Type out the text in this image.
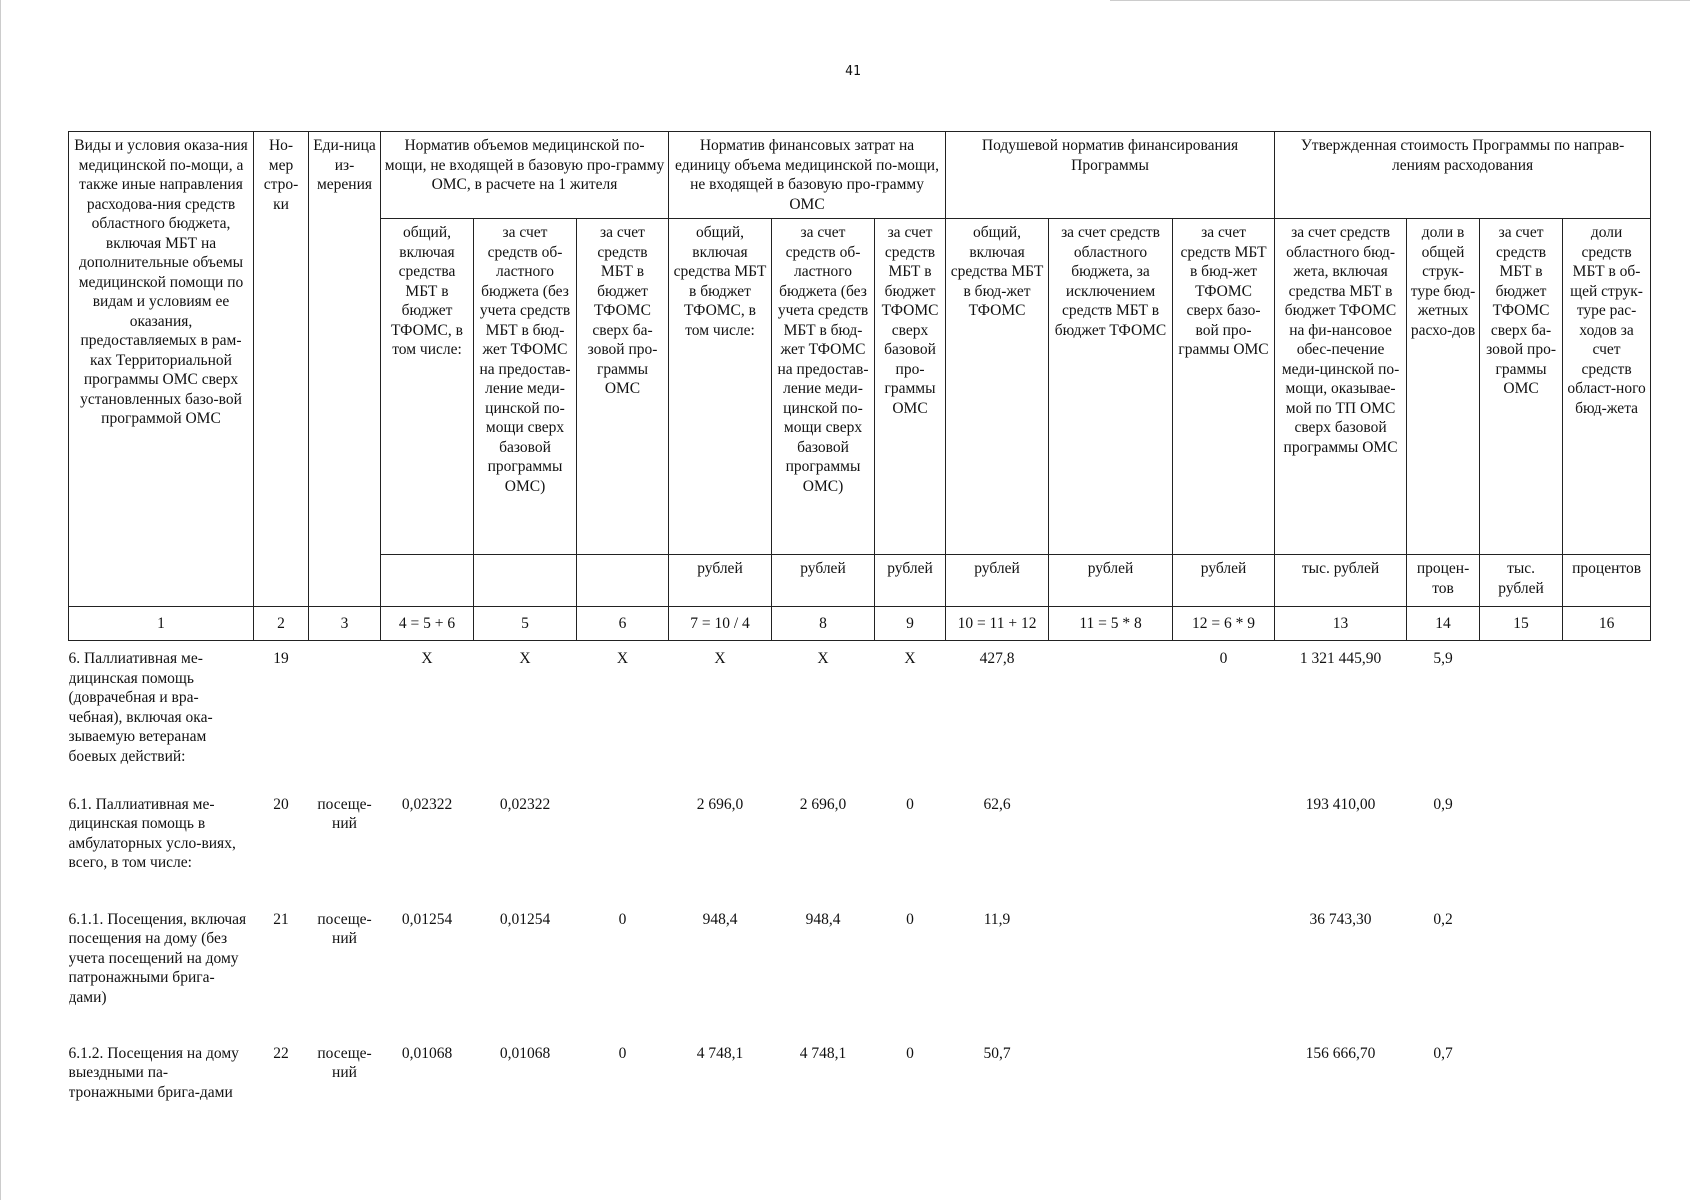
41
Виды и условия оказа-ния медицинской по-мощи, а также иные направления расходова-ния средств областного бюджета, включая МБТ на дополнительные объемы медицинской помощи по видам и условиям ее оказания, предоставляемых в рам-ках Территориальной программы ОМС сверх установленных базо-вой программой ОМС	Но-мер стро-ки	Еди-ница из-мерения	Норматив объемов медицинской по-мощи, не входящей в базовую про-грамму ОМС, в расчете на 1 жителя			Норматив финансовых затрат на единицу объема медицинской по-мощи, не входящей в базовую про-грамму ОМС			Подушевой норматив финансирования Программы			Утвержденная стоимость Программы по направ-лениям расходования			
			общий, включая средства МБТ в бюджет ТФОМС, в том числе:	за счет средств об-ластного бюджета (без учета средств МБТ в бюд-жет ТФОМС на предостав-ление меди-цинской по-мощи сверх базовой программы ОМС)	за счет средств МБТ в бюджет ТФОМС сверх ба-зовой про-граммы ОМС	общий, включая средства МБТ в бюджет ТФОМС, в том числе:	за счет средств об-ластного бюджета (без учета средств МБТ в бюд-жет ТФОМС на предостав-ление меди-цинской по-мощи сверх базовой программы ОМС)	за счет средств МБТ в бюджет ТФОМС сверх базовой про-граммы ОМС	общий, включая средства МБТ в бюд-жет ТФОМС	за счет средств областного бюджета, за исключением средств МБТ в бюджет ТФОМС	за счет средств МБТ в бюд-жет ТФОМС сверх базо-вой про-граммы ОМС	за счет средств областного бюд-жета, включая средства МБТ в бюджет ТФОМС на фи-нансовое обес-печение меди-цинской по-мощи, оказывае-мой по ТП ОМС сверх базовой программы ОМС	доли в общей струк-туре бюд-жетных расхо-дов	за счет средств МБТ в бюджет ТФОМС сверх ба-зовой про-граммы ОМС	доли средств МБТ в об-щей струк-туре рас-ходов за счет средств област-ного бюд-жета
						рублей	рублей	рублей	рублей	рублей	рублей	тыс. рублей	процен-тов	тыс. рублей	процентов
1	2	3	4 = 5 + 6	5	6	7 = 10 / 4	8	9	10 = 11 + 12	11 = 5 * 8	12 = 6 * 9	13	14	15	16
6. Паллиативная ме-дицинская помощь (доврачебная и вра-чебная), включая ока-зываемую ветеранам боевых действий:	19		X	X	X	X	X	X	427,8		0	1 321 445,90	5,9		
6.1. Паллиативная ме-дицинская помощь в амбулаторных усло-виях, всего, в том числе:	20	посеще-ний	0,02322	0,02322		2 696,0	2 696,0	0	62,6			193 410,00	0,9		
6.1.1. Посещения, включая посещения на дому (без учета посещений на дому патронажными брига-дами)	21	посеще-ний	0,01254	0,01254	0	948,4	948,4	0	11,9			36 743,30	0,2		
6.1.2. Посещения на дому выездными па-тронажными брига-дами	22	посеще-ний	0,01068	0,01068	0	4 748,1	4 748,1	0	50,7			156 666,70	0,7		
